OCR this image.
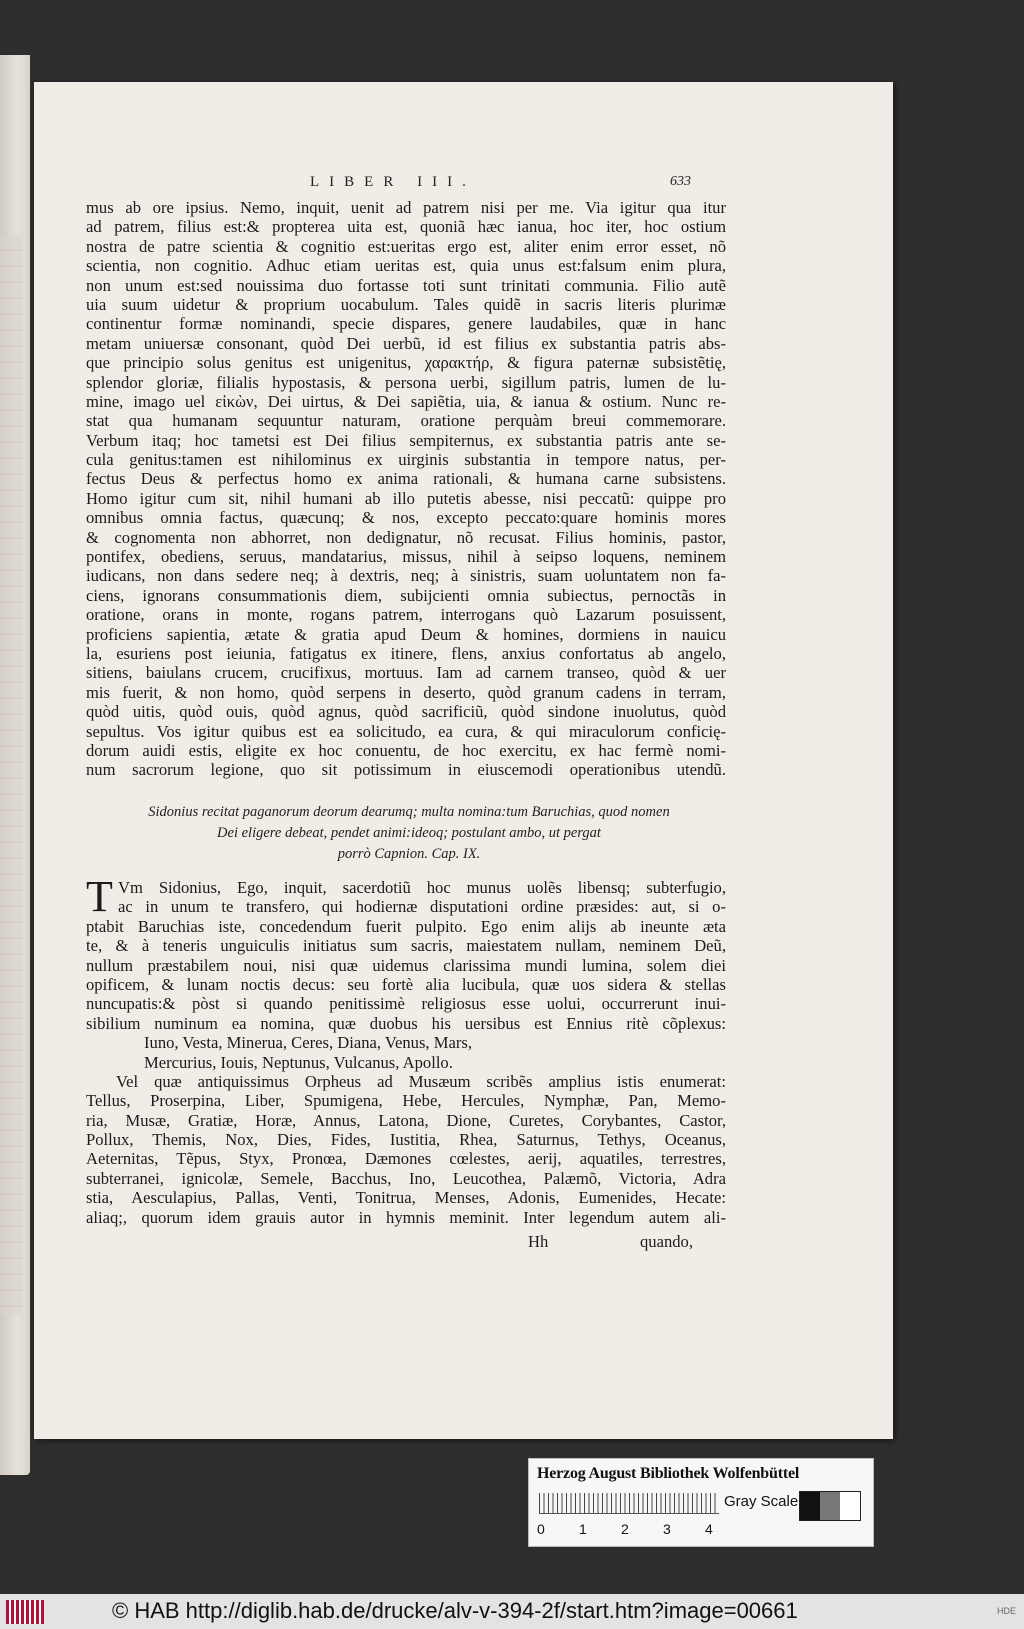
LIBER III.	633
mus ab ore ipsius. Nemo, inquit, uenit ad patrem nisi per me. Via igitur qua itur
ad patrem, filius est:& propterea uita est, quoniã hæc ianua, hoc iter, hoc ostium
nostra de patre scientia & cognitio est:ueritas ergo est, aliter enim error esset, nõ
scientia, non cognitio. Adhuc etiam ueritas est, quia unus est:falsum enim plura,
non unum est:sed nouissima duo fortasse toti sunt trinitati communia. Filio autẽ
uia suum uidetur & proprium uocabulum. Tales quidẽ in sacris literis plurimæ
continentur formæ nominandi, specie dispares, genere laudabiles, quæ in hanc
metam uniuersæ consonant, quòd Dei uerbũ, id est filius ex substantia patris abs-
que principio solus genitus est unigenitus, χαρακτήρ, & figura paternæ subsistẽtię,
splendor gloriæ, filialis hypostasis, & persona uerbi, sigillum patris, lumen de lu-
mine, imago uel εἰκὼν, Dei uirtus, & Dei sapiẽtia, uia, & ianua & ostium. Nunc re-
stat qua humanam sequuntur naturam, oratione perquàm breui commemorare.
Verbum itaq; hoc tametsi est Dei filius sempiternus, ex substantia patris ante se-
cula genitus:tamen est nihilominus ex uirginis substantia in tempore natus, per-
fectus Deus & perfectus homo ex anima rationali, & humana carne subsistens.
Homo igitur cum sit, nihil humani ab illo putetis abesse, nisi peccatũ: quippe pro
omnibus omnia factus, quæcunq; & nos, excepto peccato:quare hominis mores
& cognomenta non abhorret, non dedignatur, nõ recusat. Filius hominis, pastor,
pontifex, obediens, seruus, mandatarius, missus, nihil à seipso loquens, neminem
iudicans, non dans sedere neq; à dextris, neq; à sinistris, suam uoluntatem non fa-
ciens, ignorans consummationis diem, subijcienti omnia subiectus, pernoctãs in
oratione, orans in monte, rogans patrem, interrogans quò Lazarum posuissent,
proficiens sapientia, ætate & gratia apud Deum & homines, dormiens in nauicu
la, esuriens post ieiunia, fatigatus ex itinere, flens, anxius confortatus ab angelo,
sitiens, baiulans crucem, crucifixus, mortuus. Iam ad carnem transeo, quòd & uer
mis fuerit, & non homo, quòd serpens in deserto, quòd granum cadens in terram,
quòd uitis, quòd ouis, quòd agnus, quòd sacrificiũ, quòd sindone inuolutus, quòd
sepultus. Vos igitur quibus est ea solicitudo, ea cura, & qui miraculorum conficię-
dorum auidi estis, eligite ex hoc conuentu, de hoc exercitu, ex hac fermè nomi-
num sacrorum legione, quo sit potissimum in eiuscemodi operationibus utendũ.
Sidonius recitat paganorum deorum dearumq; multa nomina:tum Baruchias, quod nomen
Dei eligere debeat, pendet animi:ideoq; postulant ambo, ut pergat
porrò Capnion. Cap. IX.
T Vm Sidonius, Ego, inquit, sacerdotiũ hoc munus uolẽs libensq; subterfugio,
ac in unum te transfero, qui hodiernæ disputationi ordine præsides: aut, si o-
ptabit Baruchias iste, concedendum fuerit pulpito. Ego enim alijs ab ineunte æta
te, & à teneris unguiculis initiatus sum sacris, maiestatem nullam, neminem Deũ,
nullum præstabilem noui, nisi quæ uidemus clarissima mundi lumina, solem diei
opificem, & lunam noctis decus: seu fortè alia lucibula, quæ uos sidera & stellas
nuncupatis:& pòst si quando penitissimè religiosus esse uolui, occurrerunt inui-
sibilium numinum ea nomina, quæ duobus his uersibus est Ennius ritè cõplexus:
Iuno, Vesta, Minerua, Ceres, Diana, Venus, Mars,
Mercurius, Iouis, Neptunus, Vulcanus, Apollo.
Vel quæ antiquissimus Orpheus ad Musæum scribẽs amplius istis enumerat:
Tellus, Proserpina, Liber, Spumigena, Hebe, Hercules, Nymphæ, Pan, Memo-
ria, Musæ, Gratiæ, Horæ, Annus, Latona, Dione, Curetes, Corybantes, Castor,
Pollux, Themis, Nox, Dies, Fides, Iustitia, Rhea, Saturnus, Tethys, Oceanus,
Aeternitas, Tẽpus, Styx, Pronœa, Dæmones cœlestes, aerij, aquatiles, terrestres,
subterranei, ignicolæ, Semele, Bacchus, Ino, Leucothea, Palæmõ, Victoria, Adra
stia, Aesculapius, Pallas, Venti, Tonitrua, Menses, Adonis, Eumenides, Hecate:
aliaq;, quorum idem grauis autor in hymnis meminit. Inter legendum autem ali-
Hh	quando,
Herzog August Bibliothek Wolfenbüttel
0 1 2 3 4
Gray Scale
© HAB http://diglib.hab.de/drucke/alv-v-394-2f/start.htm?image=00661	HDE
